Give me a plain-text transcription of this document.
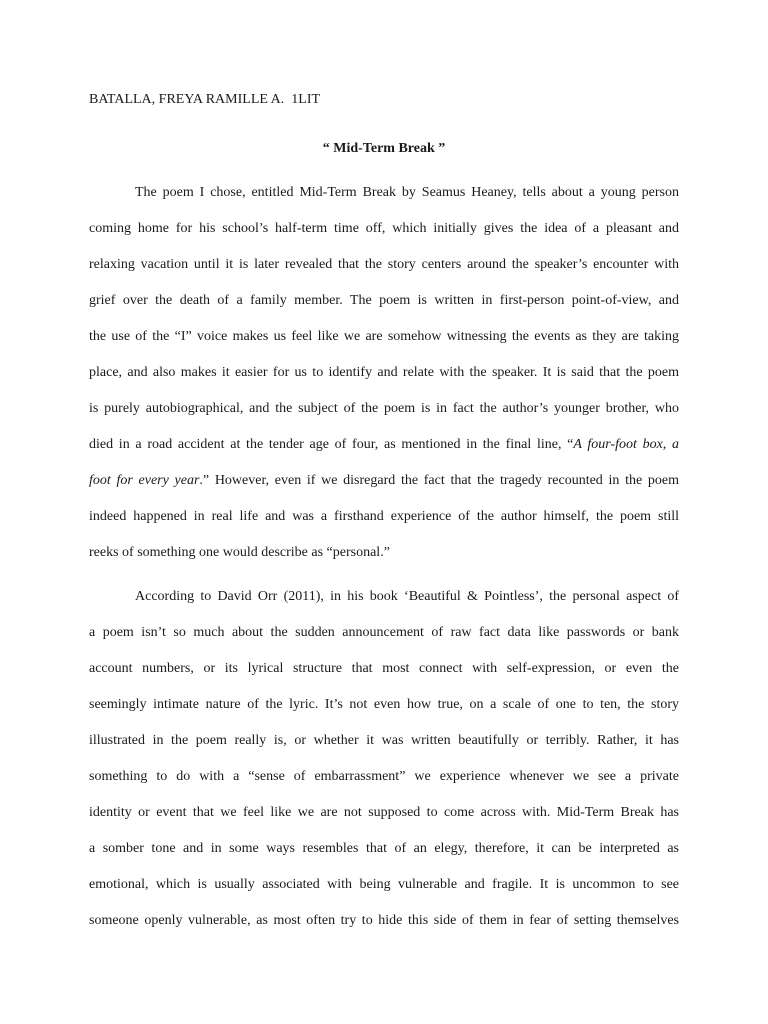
BATALLA, FREYA RAMILLE A.  1LIT
“ Mid-Term Break ”
The poem I chose, entitled Mid-Term Break by Seamus Heaney, tells about a young person
coming home for his school’s half-term time off, which initially gives the idea of a pleasant and
relaxing vacation until it is later revealed that the story centers around the speaker’s encounter with
grief over the death of a family member. The poem is written in first-person point-of-view, and
the use of the “I” voice makes us feel like we are somehow witnessing the events as they are taking
place, and also makes it easier for us to identify and relate with the speaker. It is said that the poem
is purely autobiographical, and the subject of the poem is in fact the author’s younger brother, who
died in a road accident at the tender age of four, as mentioned in the final line, “A four-foot box, a
foot for every year.” However, even if we disregard the fact that the tragedy recounted in the poem
indeed happened in real life and was a firsthand experience of the author himself, the poem still
reeks of something one would describe as “personal.”
According to David Orr (2011), in his book ‘Beautiful & Pointless’, the personal aspect of
a poem isn’t so much about the sudden announcement of raw fact data like passwords or bank
account numbers, or its lyrical structure that most connect with self-expression, or even the
seemingly intimate nature of the lyric. It’s not even how true, on a scale of one to ten, the story
illustrated in the poem really is, or whether it was written beautifully or terribly. Rather, it has
something to do with a “sense of embarrassment” we experience whenever we see a private
identity or event that we feel like we are not supposed to come across with. Mid-Term Break has
a somber tone and in some ways resembles that of an elegy, therefore, it can be interpreted as
emotional, which is usually associated with being vulnerable and fragile. It is uncommon to see
someone openly vulnerable, as most often try to hide this side of them in fear of setting themselves
